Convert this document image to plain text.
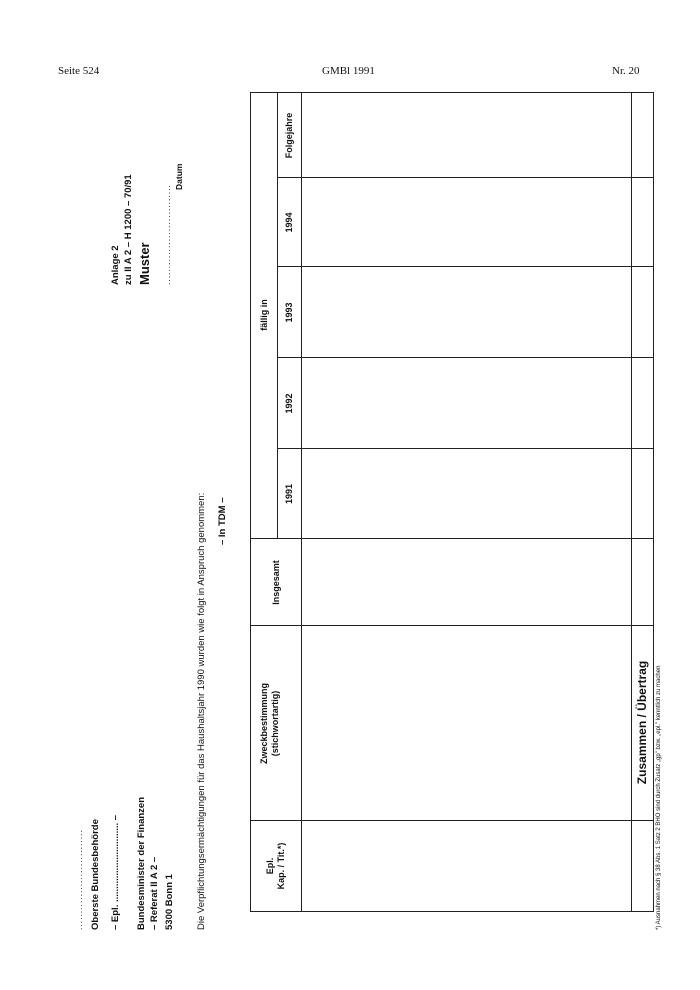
Seite 524	GMBl 1991	Nr. 20
.............................. Oberste Bundesbehörde – Epl. .............................. – Bundesminister der Finanzen – Referat II A 2 – 5300 Bonn 1
Anlage 2 zu II A 2 – H 1200 – 70/91 Muster ..............................
Datum
Die Verpflichtungsermächtigungen für das Haushaltsjahr 1990 wurden wie folgt in Anspruch genommen: – In TDM –
Epl. Kap. / Tit.*)
Zweckbestimmung (stichwortartig)
Insgesamt
fällig in
1991
1992
1993
1994
Folgejahre
Zusammen / Übertrag *) Ausnahmen nach § 38 Abs. 1 Satz 2 BHO sind durch Zusatz „gp" bzw. „epl." kenntlich zu machen
